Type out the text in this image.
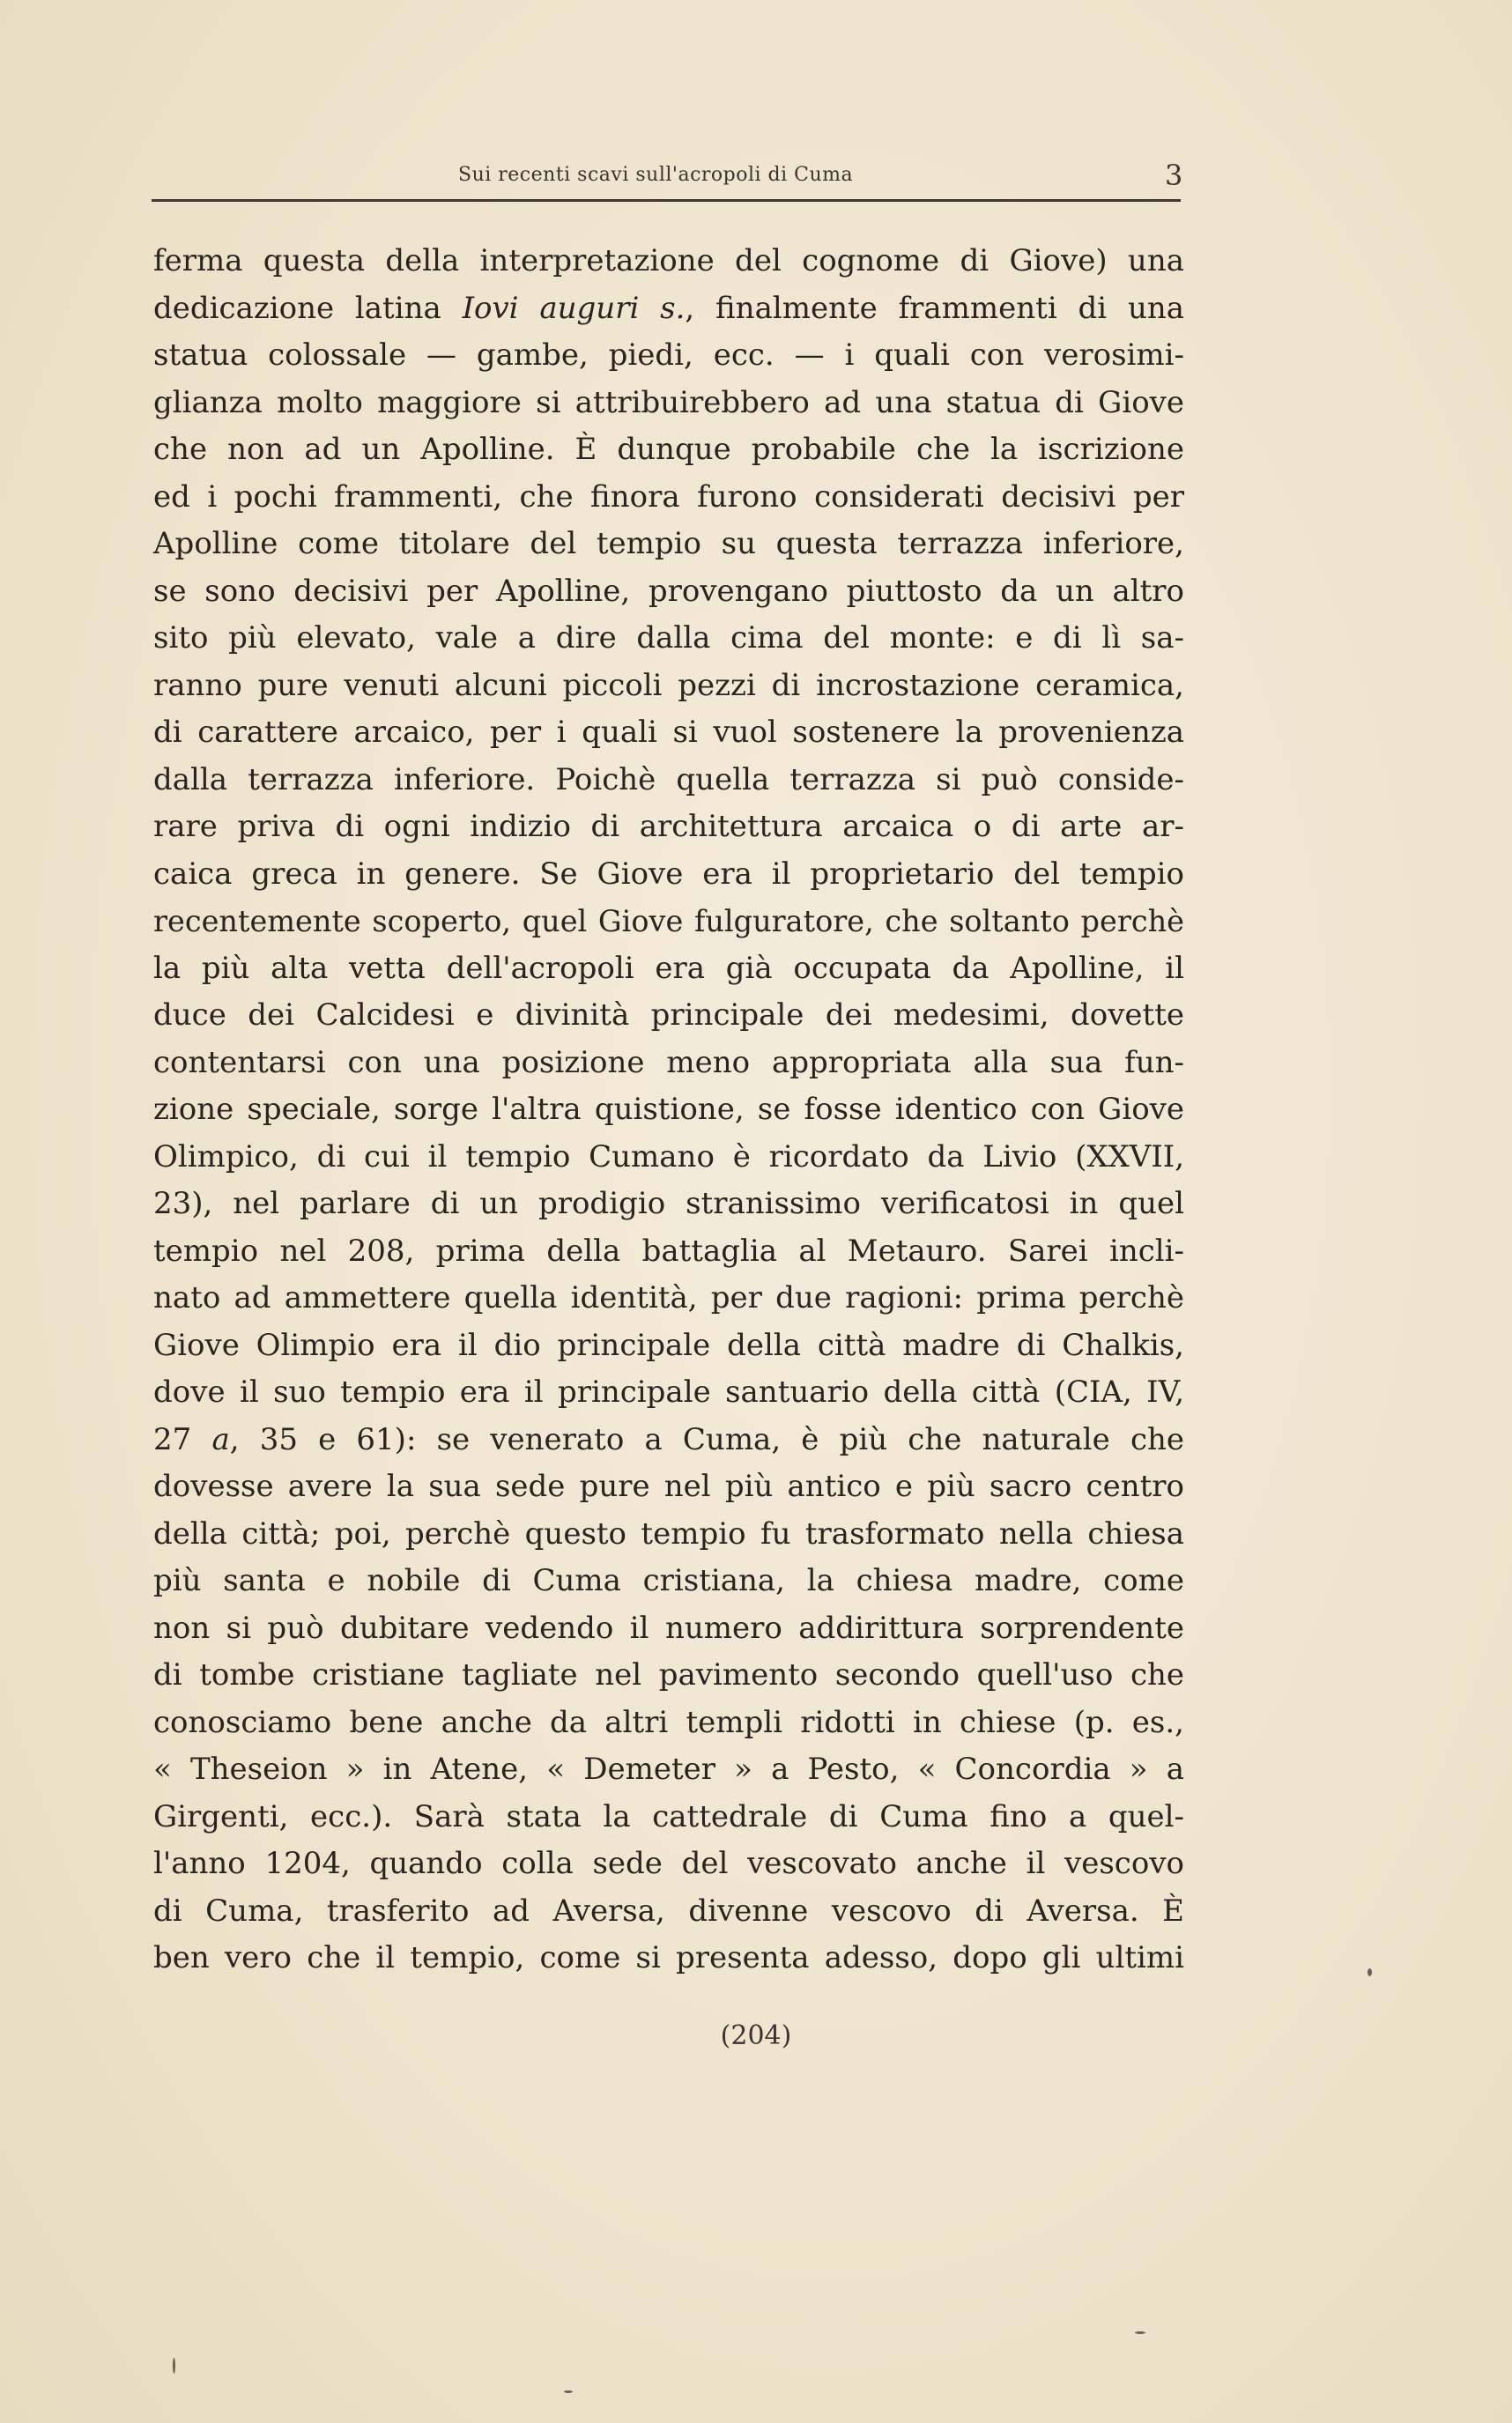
Sui recenti scavi sull'acropoli di Cuma	3
ferma questa della interpretazione del cognome di Giove) una
dedicazione latina Iovi auguri s., finalmente frammenti di una
statua colossale — gambe, piedi, ecc. — i quali con verosimi-
glianza molto maggiore si attribuirebbero ad una statua di Giove
che non ad un Apolline. È dunque probabile che la iscrizione
ed i pochi frammenti, che finora furono considerati decisivi per
Apolline come titolare del tempio su questa terrazza inferiore,
se sono decisivi per Apolline, provengano piuttosto da un altro
sito più elevato, vale a dire dalla cima del monte: e di lì sa-
ranno pure venuti alcuni piccoli pezzi di incrostazione ceramica,
di carattere arcaico, per i quali si vuol sostenere la provenienza
dalla terrazza inferiore. Poichè quella terrazza si può conside-
rare priva di ogni indizio di architettura arcaica o di arte ar-
caica greca in genere. Se Giove era il proprietario del tempio
recentemente scoperto, quel Giove fulguratore, che soltanto perchè
la più alta vetta dell'acropoli era già occupata da Apolline, il
duce dei Calcidesi e divinità principale dei medesimi, dovette
contentarsi con una posizione meno appropriata alla sua fun-
zione speciale, sorge l'altra quistione, se fosse identico con Giove
Olimpico, di cui il tempio Cumano è ricordato da Livio (XXVII,
23), nel parlare di un prodigio stranissimo verificatosi in quel
tempio nel 208, prima della battaglia al Metauro. Sarei incli-
nato ad ammettere quella identità, per due ragioni: prima perchè
Giove Olimpio era il dio principale della città madre di Chalkis,
dove il suo tempio era il principale santuario della città (CIA, IV,
27 a, 35 e 61): se venerato a Cuma, è più che naturale che
dovesse avere la sua sede pure nel più antico e più sacro centro
della città; poi, perchè questo tempio fu trasformato nella chiesa
più santa e nobile di Cuma cristiana, la chiesa madre, come
non si può dubitare vedendo il numero addirittura sorprendente
di tombe cristiane tagliate nel pavimento secondo quell'uso che
conosciamo bene anche da altri templi ridotti in chiese (p. es.,
« Theseion » in Atene, « Demeter » a Pesto, « Concordia » a
Girgenti, ecc.). Sarà stata la cattedrale di Cuma fino a quel-
l'anno 1204, quando colla sede del vescovato anche il vescovo
di Cuma, trasferito ad Aversa, divenne vescovo di Aversa. È
ben vero che il tempio, come si presenta adesso, dopo gli ultimi
(204)
